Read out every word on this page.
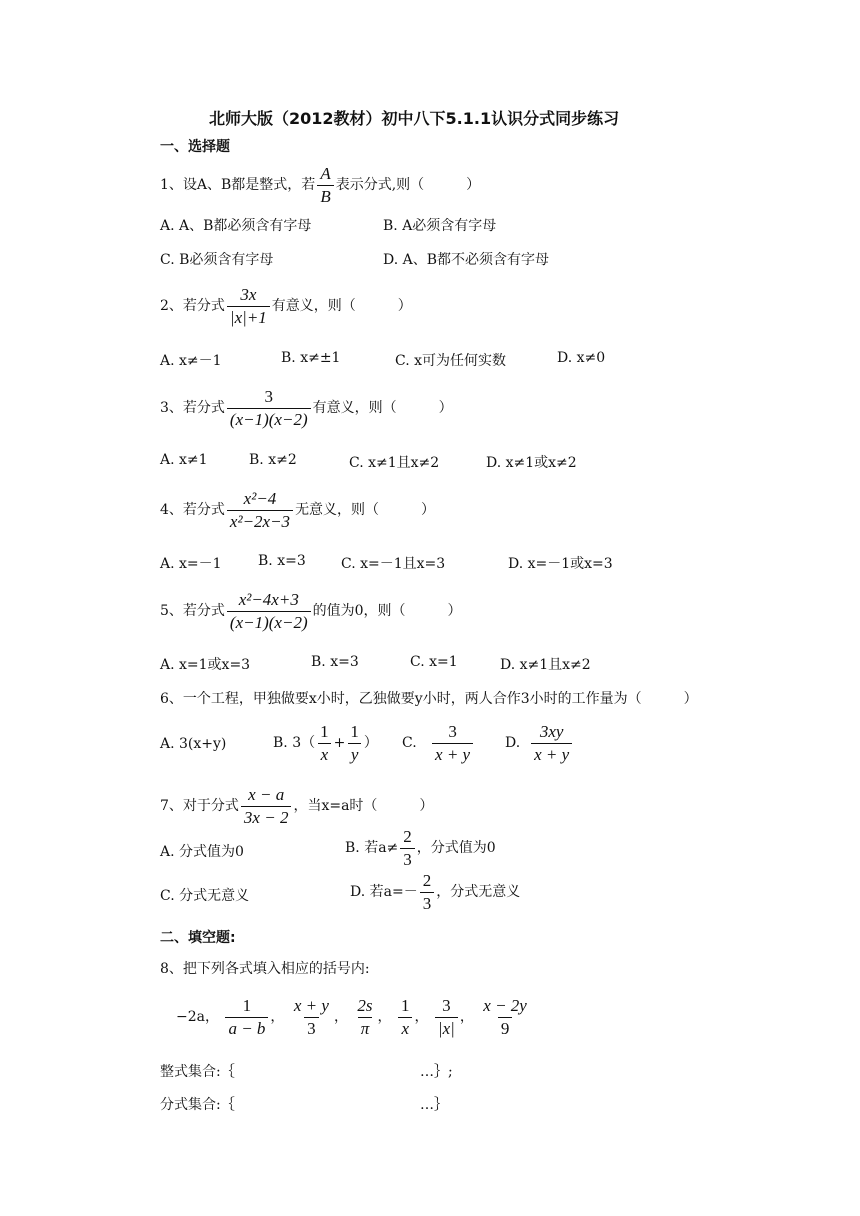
北师大版（2012教材）初中八下5.1.1认识分式同步练习
一、选择题
1、设A、B都是整式，若 $\frac{A}{B}$ 表示分式,则（　　　）
A. A、B都必须含有字母	B. A必须含有字母
C. B必须含有字母	D. A、B都不必须含有字母
2、若分式 $\frac{3x}{|x|+1}$ 有意义，则（　　　）
A. x≠－1	B. x≠±1	C. x可为任何实数	D. x≠0
3、若分式 $\frac{3}{(x-1)(x-2)}$ 有意义，则（　　　）
A. x≠1	B. x≠2	C. x≠1且x≠2	D. x≠1或x≠2
4、若分式 $\frac{\text{x²−4}}{\text{x²−2x−3}}$ 无意义，则（　　　）
A. x=－1	B. x=3	C. x=－1且x=3	D. x=－1或x=3
5、若分式 $\frac{\text{x²−4x+3}}{(x-1)(x-2)}$ 的值为0，则（　　　）
A. x=1或x=3	B. x=3	C. x=1	D. x≠1且x≠2
6、一个工程，甲独做要x小时，乙独做要y小时，两人合作3小时的工作量为（　　　）
A. 3(x+y)	B. $3( \frac{1}{x} + \frac{1}{y}$ ） C. $\frac{3}{x + y} D$. $\frac{3xy}{x + y}$
7、对于分式 $\frac{x - a}{3x - 2}$ ，当x=a时（　　　）
A. 分式值为0	B. 若$a\ne \frac{2}{3}$ ，分式值为0
C. 分式无意义	D. 若$a=- \frac{2}{3}$ ，分式无意义
二、填空题:
8、把下列各式填入相应的括号内:
−2a， $\frac{1}{a - b}$ ， $\frac{x + y}{3}$ ， $\frac{2s}{\pi}$ ， $\frac{1}{x}$ ， $\frac{3}{|x|}$ ， $\frac{x - 2y}{9}$
整式集合:｛	…｝;
分式集合:｛	…｝
